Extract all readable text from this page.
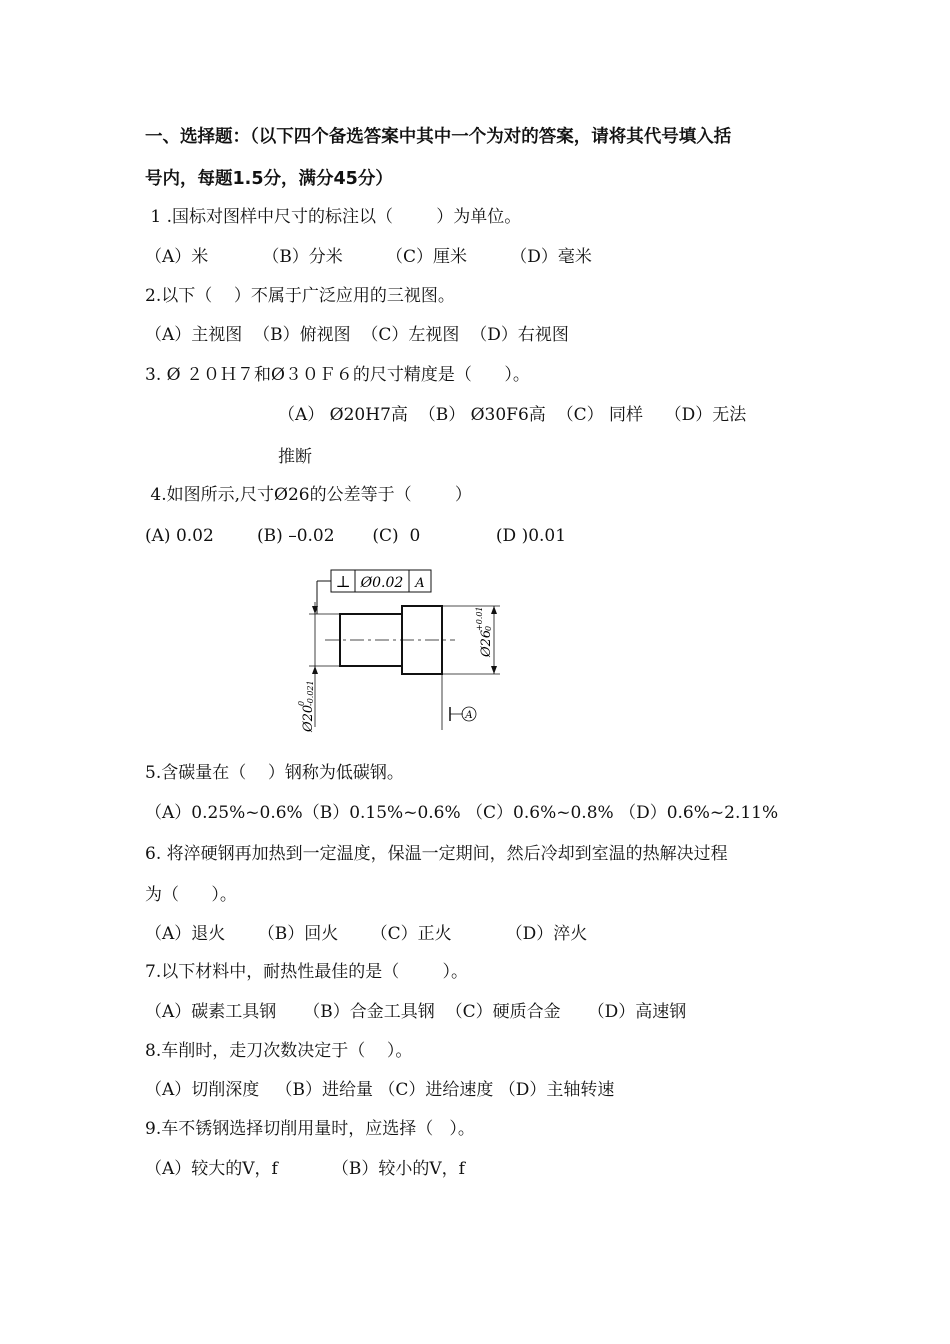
一、选择题：（以下四个备选答案中其中一个为对的答案，请将其代号填入括
号内，每题1.5分，满分45分）
1 .国标对图样中尺寸的标注以（        ）为单位。
（A）米          （B）分米        （C）厘米        （D）毫米
2.以下（    ）不属于广泛应用的三视图。
（A）主视图  （B）俯视图  （C）左视图  （D）右视图
3. Ø ２０Ｈ７和Ø３０Ｆ６的尺寸精度是（      ）。
（A） Ø20H7高  （B） Ø30F6高  （C） 同样    （D）无法
推断
4.如图所示,尺寸Ø26的公差等于（        ）
(A) 0.02        (B) –0.02       (C)  0              (D )0.01
⊥ Ø0.02 A
Ø20
0 -0.021
Ø26
+0.01 0
A
5.含碳量在（    ）钢称为低碳钢。
（A）0.25%~0.6%（B）0.15%~0.6% （C）0.6%~0.8% （D）0.6%~2.11%
6. 将淬硬钢再加热到一定温度，保温一定期间，然后冷却到室温的热解决过程
为（      ）。
（A）退火      （B）回火      （C）正火          （D）淬火
7.以下材料中，耐热性最佳的是（        ）。
（A）碳素工具钢     （B）合金工具钢  （C）硬质合金     （D）高速钢
8.车削时，走刀次数决定于（    ）。
（A）切削深度   （B）进给量 （C）进给速度 （D）主轴转速
9.车不锈钢选择切削用量时，应选择（   ）。
（A）较大的V，f          （B）较小的V，f
